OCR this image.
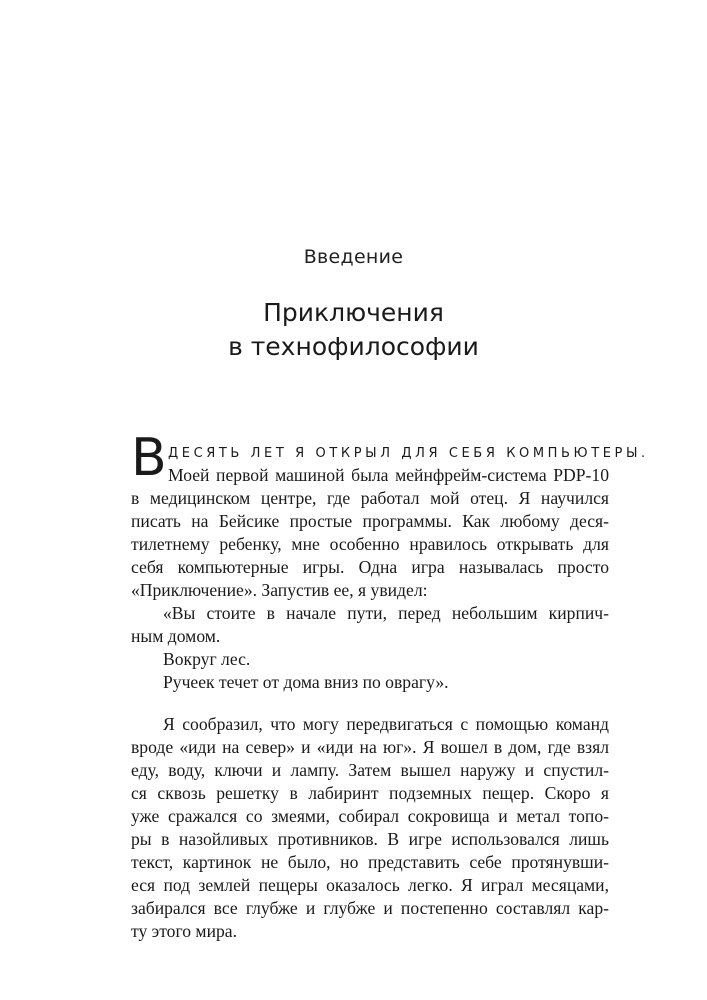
Введение
Приключения
в технофилософии
В ДЕСЯТЬ ЛЕТ Я ОТКРЫЛ ДЛЯ СЕБЯ КОМПЬЮТЕРЫ.
Моей первой машиной была мейнфрейм-система PDP-10
в медицинском центре, где работал мой отец. Я научился
писать на Бейсике простые программы. Как любому деся-
тилетнему ребенку, мне особенно нравилось открывать для
себя компьютерные игры. Одна игра называлась просто
«Приключение». Запустив ее, я увидел:
«Вы стоите в начале пути, перед небольшим кирпич-
ным домом.
Вокруг лес.
Ручеек течет от дома вниз по оврагу».
Я сообразил, что могу передвигаться с помощью команд
вроде «иди на север» и «иди на юг». Я вошел в дом, где взял
еду, воду, ключи и лампу. Затем вышел наружу и спустил-
ся сквозь решетку в лабиринт подземных пещер. Скоро я
уже сражался со змеями, собирал сокровища и метал топо-
ры в назойливых противников. В игре использовался лишь
текст, картинок не было, но представить себе протянувши-
еся под землей пещеры оказалось легко. Я играл месяцами,
забирался все глубже и глубже и постепенно составлял кар-
ту этого мира.
